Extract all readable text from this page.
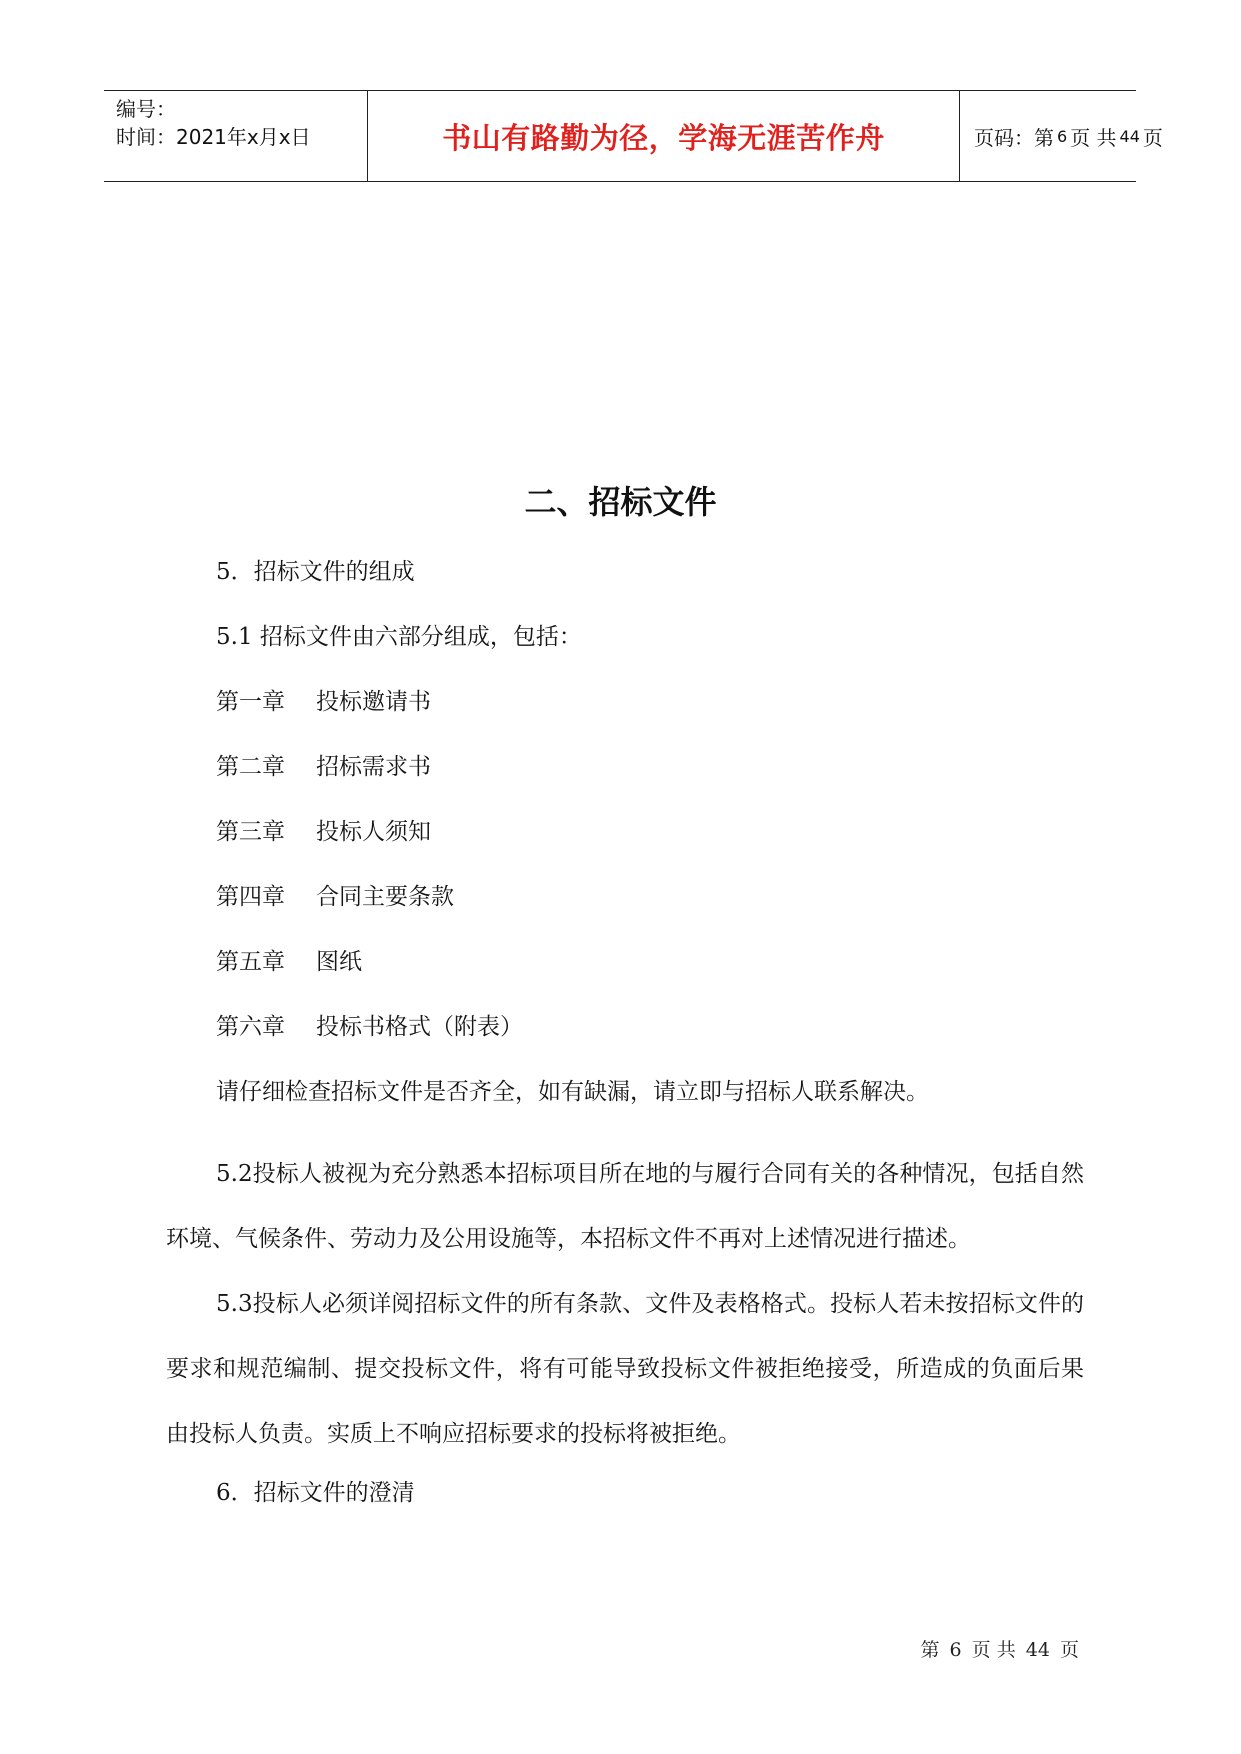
编号：
时间：2021年x月x日	书山有路勤为径，学海无涯苦作舟	页码：第 6 页 共 44 页
二、招标文件
5．招标文件的组成
5.1 招标文件由六部分组成，包括：
第一章 投标邀请书
第二章 招标需求书
第三章 投标人须知
第四章 合同主要条款
第五章 图纸
第六章 投标书格式（附表）
请仔细检查招标文件是否齐全，如有缺漏，请立即与招标人联系解决。

5.2投标人被视为充分熟悉本招标项目所在地的与履行合同有关的各种情况，包括自然环境、气候条件、劳动力及公用设施等，本招标文件不再对上述情况进行描述。

5.3投标人必须详阅招标文件的所有条款、文件及表格格式。投标人若未按招标文件的要求和规范编制、提交投标文件，将有可能导致投标文件被拒绝接受，所造成的负面后果由投标人负责。实质上不响应招标要求的投标将被拒绝。

6．招标文件的澄清
第 6 页 共 44 页
